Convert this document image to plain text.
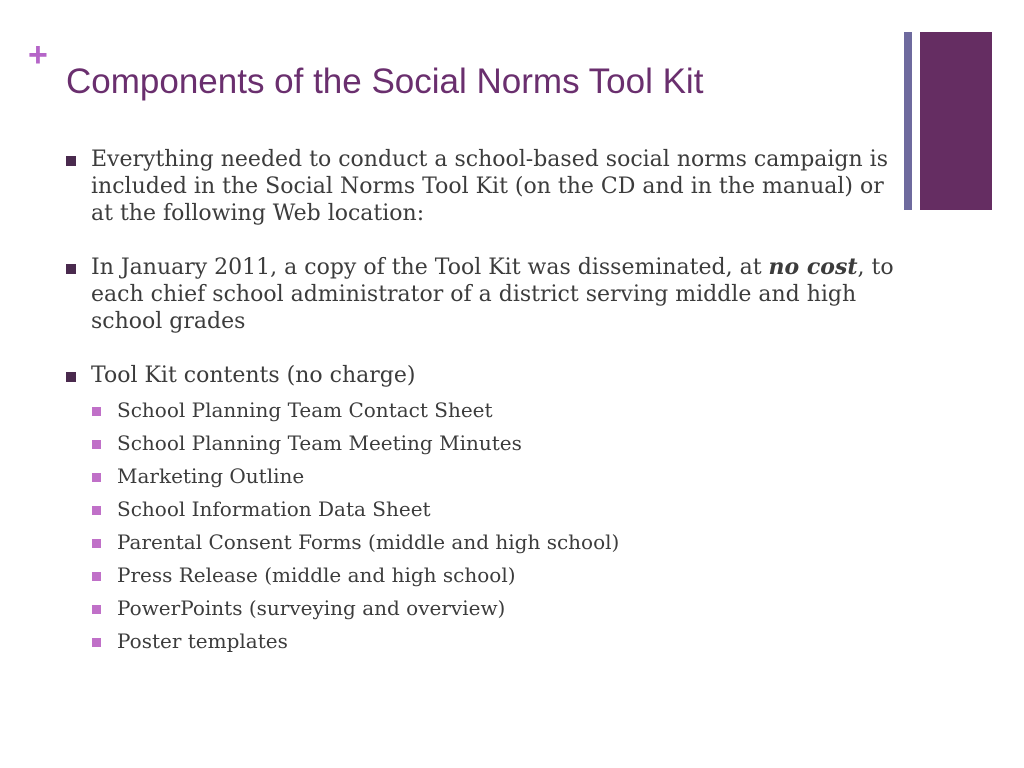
+
Components of the Social Norms Tool Kit
Everything needed to conduct a school-based social norms campaign is included in the Social Norms Tool Kit (on the CD and in the manual) or at the following Web location:
In January 2011, a copy of the Tool Kit was disseminated, at no cost, to each chief school administrator of a district serving middle and high school grades
Tool Kit contents (no charge)
School Planning Team Contact Sheet
School Planning Team Meeting Minutes
Marketing Outline
School Information Data Sheet
Parental Consent Forms (middle and high school)
Press Release (middle and high school)
PowerPoints (surveying and overview)
Poster templates
